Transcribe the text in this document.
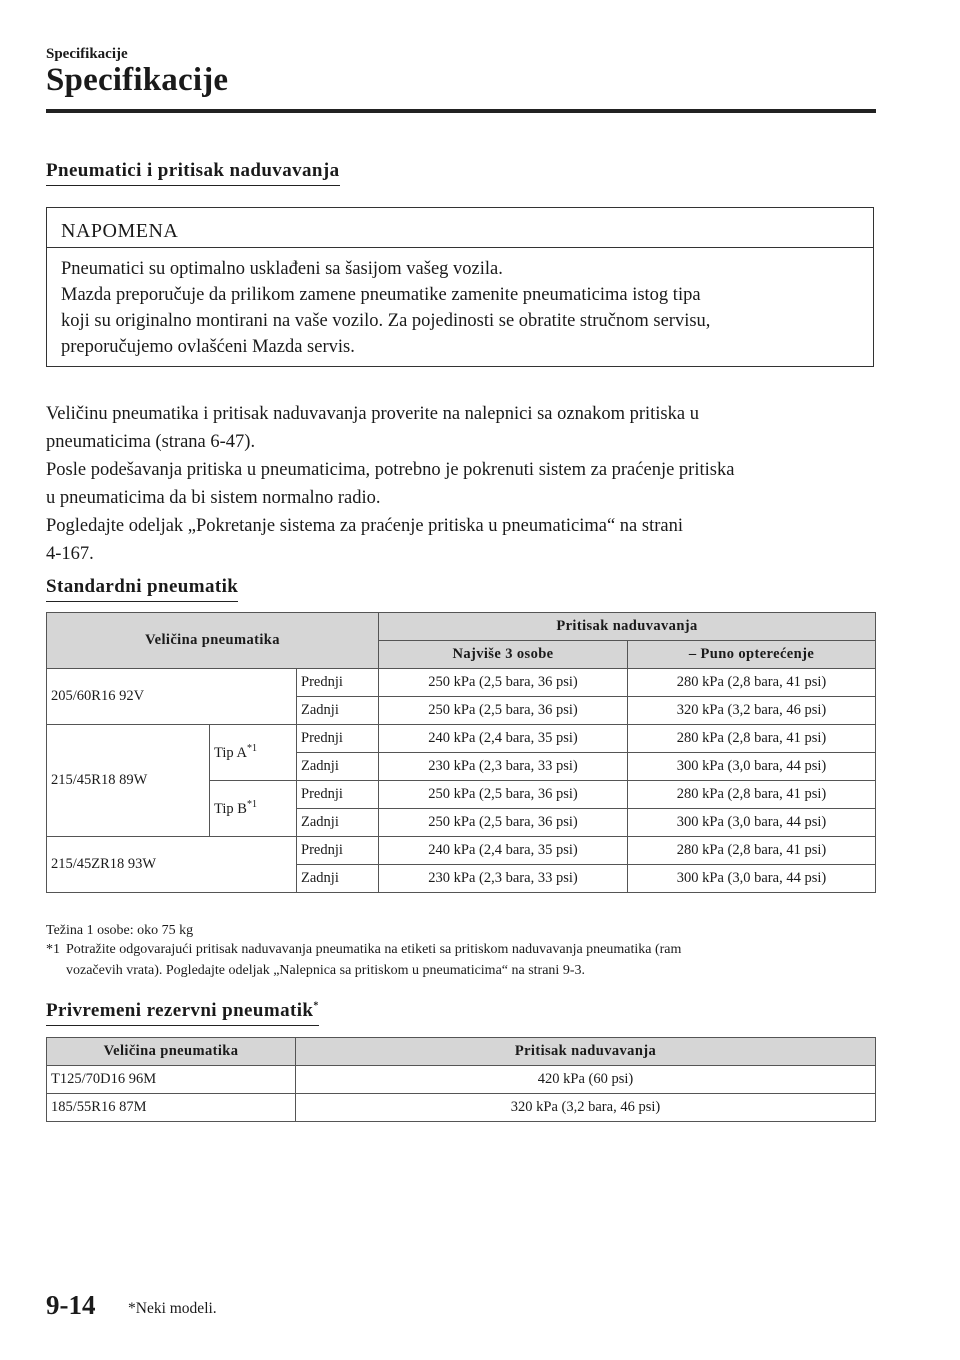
Specifikacije
Specifikacije
Pneumatici i pritisak naduvavanja
NAPOMENA
Pneumatici su optimalno usklađeni sa šasijom vašeg vozila.
Mazda preporučuje da prilikom zamene pneumatike zamenite pneumaticima istog tipa
koji su originalno montirani na vaše vozilo. Za pojedinosti se obratite stručnom servisu,
preporučujemo ovlašćeni Mazda servis.
Veličinu pneumatika i pritisak naduvavanja proverite na nalepnici sa oznakom pritiska u
pneumaticima (strana 6-47).
Posle podešavanja pritiska u pneumaticima, potrebno je pokrenuti sistem za praćenje pritiska
u pneumaticima da bi sistem normalno radio.
Pogledajte odeljak „Pokretanje sistema za praćenje pritiska u pneumaticima“ na strani
4-167.
Standardni pneumatik
Veličina pneumatika			Pritisak naduvavanja	
			Najviše 3 osobe	– Puno opterećenje
205/60R16 92V		Prednji	250 kPa (2,5 bara, 36 psi)	280 kPa (2,8 bara, 41 psi)
		Zadnji	250 kPa (2,5 bara, 36 psi)	320 kPa (3,2 bara, 46 psi)
215/45R18 89W	Tip $A^{*1}$	Prednji	240 kPa (2,4 bara, 35 psi)	280 kPa (2,8 bara, 41 psi)
		Zadnji	230 kPa (2,3 bara, 33 psi)	300 kPa (3,0 bara, 44 psi)
	Tip $B^{*1}$	Prednji	250 kPa (2,5 bara, 36 psi)	280 kPa (2,8 bara, 41 psi)
		Zadnji	250 kPa (2,5 bara, 36 psi)	300 kPa (3,0 bara, 44 psi)
215/45ZR18 93W		Prednji	240 kPa (2,4 bara, 35 psi)	280 kPa (2,8 bara, 41 psi)
		Zadnji	230 kPa (2,3 bara, 33 psi)	300 kPa (3,0 bara, 44 psi)
Težina 1 osobe: oko 75 kg
*1 Potražite odgovarajući pritisak naduvavanja pneumatika na etiketi sa pritiskom naduvavanja pneumatika (ram
vozačevih vrata). Pogledajte odeljak „Nalepnica sa pritiskom u pneumaticima“ na strani 9-3.
Privremeni rezervni pneumatik*
Veličina pneumatika	Pritisak naduvavanja
T125/70D16 96M	420 kPa (60 psi)
185/55R16 87M	320 kPa (3,2 bara, 46 psi)
9-14 *Neki modeli.
